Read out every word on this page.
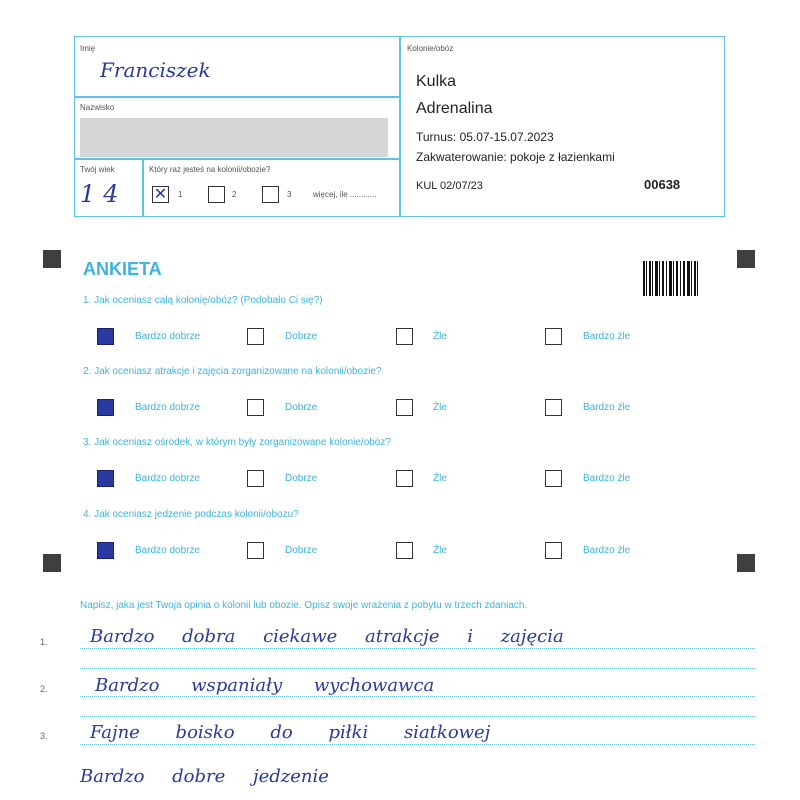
Imię
Franciszek
Nazwisko
Twój wiek
14
Który raz jesteś na kolonii/obozie?
✕ 1	2	3	więcej, ile ............
Kolonie/obóz
Kulka
Adrenalina
Turnus: 05.07-15.07.2023
Zakwaterowanie: pokoje z łazienkami
KUL 02/07/23	00638
ANKIETA
1. Jak oceniasz całą kolonię/obóz? (Podobało Ci się?)
Bardzo dobrze	Dobrze	Źle	Bardzo źle
2. Jak oceniasz atrakcje i zajęcia zorganizowane na kolonii/obozie?
Bardzo dobrze	Dobrze	Źle	Bardzo źle
3. Jak oceniasz ośrodek, w którym były zorganizowane kolonie/obóz?
Bardzo dobrze	Dobrze	Źle	Bardzo źle
4. Jak oceniasz jedzenie podczas kolonii/obozu?
Bardzo dobrze	Dobrze	Źle	Bardzo źle
Napisz, jaka jest Twoja opinia o kolonii lub obozie. Opisz swoje wrażenia z pobytu w trzech zdaniach.
1.
2.
3.
Bardzo dobra ciekawe atrakcje i zajęcia
Bardzo wspaniały wychowawca
Fajne boisko do piłki siatkowej
Bardzo dobre jedzenie
